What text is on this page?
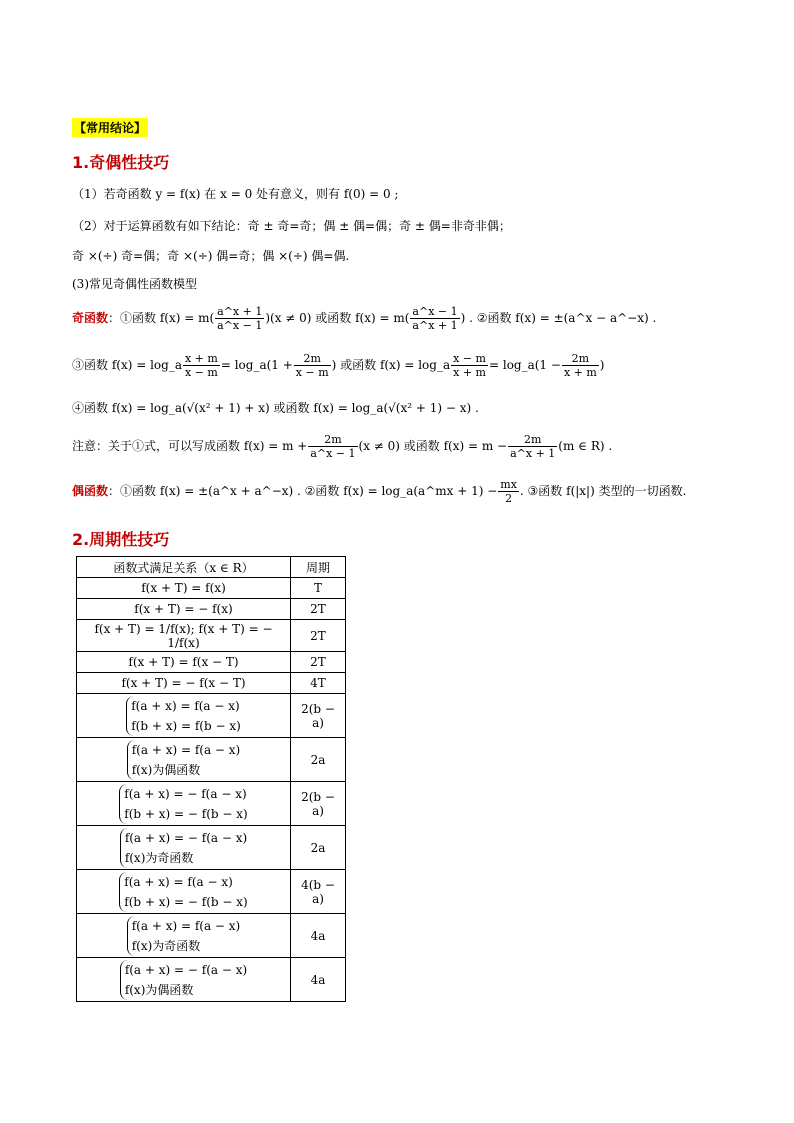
【常用结论】
1.奇偶性技巧
（1）若奇函数 y = f(x) 在 x = 0 处有意义，则有 f(0) = 0 ;
（2）对于运算函数有如下结论：奇 ± 奇=奇；偶 ± 偶=偶；奇 ± 偶=非奇非偶；
奇 ×(÷) 奇=偶；奇 ×(÷) 偶=奇；偶 ×(÷) 偶=偶.
(3)常见奇偶性函数模型
奇函数：①函数 $f(x) = m( \frac{a\^{}x + 1}{a\^{}x - 1} )(x \ne 0)$ 或函数 $f(x) = m( \frac{a\^{}x - 1}{a\^{}x + 1}$ ) . ②函数 f(x) = ±(a^x − a^−x) .
③函数 f(x) = log_a $\frac{x + m}{x - m}$ = log_a(1 + $\frac{2m}{x - m}$ ) 或函数 f(x) = log_a $\frac{x - m}{x + m}$ = log_a(1 − $\frac{2m}{x + m}$ )
④函数 f(x) = log_a(√(x² + 1) + x) 或函数 f(x) = log_a(√(x² + 1) − x) .
注意：关于①式，可以写成函数 $f(x) = m + \frac{2m}{a\^{}x - 1} (x \ne 0)$ 或函数 $f(x) = m - \frac{2m}{a\^{}x + 1} (m$ ∈ R) .
偶函数：①函数 f(x) = ±(a^x + a^−x) . ②函数 f(x) = log_a(a^mx + $1) - \frac{mx}{2}$ . ③函数 f(|x|) 类型的一切函数.
2.周期性技巧
函数式满足关系（x ∈ R）	周期
f(x + T) = f(x)	T
f(x + T) = − f(x)	2T
f(x + T) = 1/f(x); f(x + T) = − 1/f(x)	2T
f(x + T) = f(x − T)	2T
f(x + T) = − f(x − T)	4T

f(a + x) = f(a − x)
f(b + x) = f(b − x)	2(b − a)

f(a + x) = f(a − x)
f(x)为偶函数	2a

f(a + x) = − f(a − x)
f(b + x) = − f(b − x)	2(b − a)

f(a + x) = − f(a − x)
f(x)为奇函数	2a

f(a + x) = f(a − x)
f(b + x) = − f(b − x)	4(b − a)

f(a + x) = f(a − x)
f(x)为奇函数	4a

f(a + x) = − f(a − x)
f(x)为偶函数	4a
